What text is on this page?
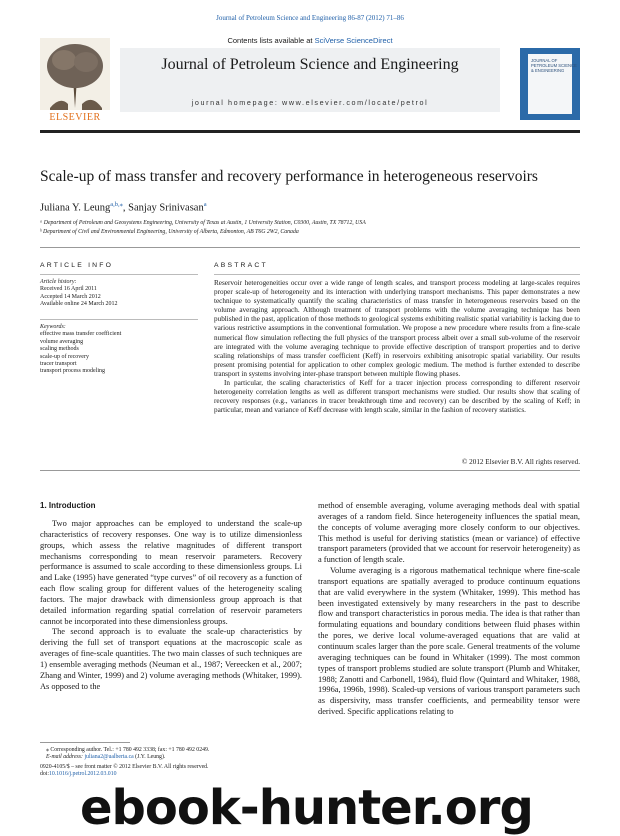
Journal of Petroleum Science and Engineering 86-87 (2012) 71–86
Contents lists available at SciVerse ScienceDirect
Journal of Petroleum Science and Engineering
journal homepage: www.elsevier.com/locate/petrol
ELSEVIER
JOURNAL OF PETROLEUM SCIENCE & ENGINEERING
Scale-up of mass transfer and recovery performance in heterogeneous reservoirs
Juliana Y. Leung$^{a,b,⁎}$, Sanjay Srinivasan$^a$
ᵃ Department of Petroleum and Geosystems Engineering, University of Texas at Austin, 1 University Station, C0300, Austin, TX 78712, USA
ᵇ Department of Civil and Environmental Engineering, University of Alberta, Edmonton, AB T6G 2W2, Canada
ARTICLE INFO
Article history:
Received 16 April 2011
Accepted 14 March 2012
Available online 24 March 2012
Keywords:
effective mass transfer coefficient
volume averaging
scaling methods
scale-up of recovery
tracer transport
transport process modeling
ABSTRACT

Reservoir heterogeneities occur over a wide range of length scales, and transport process modeling at large-scales requires proper scale-up of heterogeneity and its interaction with underlying transport mechanisms. This paper demonstrates a new technique to systematically quantify the scaling characteristics of mass transfer in heterogeneous reservoirs based on the volume averaging approach. Although treatment of transport problems with the volume averaging technique has been published in the past, application of those methods to geological systems exhibiting realistic spatial variability is lacking due to various restrictive assumptions in the conventional formulation. We propose a new procedure where results from a fine-scale numerical flow simulation reflecting the full physics of the transport process albeit over a small sub-volume of the reservoir are integrated with the volume averaging technique to provide effective description of transport properties and to derive scaling relationships of mass transfer coefficient (Keff) in reservoirs exhibiting anisotropic spatial variability. Our results present promising potential for application to other complex geologic medium. The method is further extended to describe transport in systems involving inter-phase transport between multiple flowing phases.

In particular, the scaling characteristics of Keff for a tracer injection process corresponding to different reservoir heterogeneity correlation lengths as well as different transport mechanisms were studied. Our results show that scaling of recovery responses (e.g., variances in tracer breakthrough time and recovery) can be described by the scaling of Keff; in particular, mean and variance of Keff decrease with length scale, similar in the fashion of recovery statistics.

© 2012 Elsevier B.V. All rights reserved.
1. Introduction

Two major approaches can be employed to understand the scale-up characteristics of recovery responses. One way is to utilize dimensionless groups, which assess the relative magnitudes of different transport mechanisms corresponding to mean reservoir parameters. Recovery performance is assumed to scale according to these dimensionless groups. Li and Lake (1995) have generated “type curves” of oil recovery as a function of each flow scaling group for different values of the heterogeneity scaling factors. The major drawback with dimensionless group approach is that detailed information regarding spatial correlation of reservoir parameters cannot be incorporated into these dimensionless groups.

The second approach is to evaluate the scale-up characteristics by deriving the full set of transport equations at the macroscopic scale as averages of fine-scale quantities. The two main classes of such techniques are 1) ensemble averaging methods (Neuman et al., 1987; Vereecken et al., 2007; Zhang and Winter, 1999) and 2) volume averaging methods (Whitaker, 1999). As opposed to the

method of ensemble averaging, volume averaging methods deal with spatial averages of a random field. Since heterogeneity influences the spatial mean, the concepts of volume averaging more closely conform to our objectives. This method is useful for deriving statistics (mean or variance) of effective transport parameters (provided that we account for reservoir heterogeneity) as a function of length scale.

Volume averaging is a rigorous mathematical technique where fine-scale transport equations are spatially averaged to produce continuum equations that are valid everywhere in the system (Whitaker, 1999). This method has been investigated extensively by many researchers in the past to describe flow and transport characteristics in porous media. The idea is that rather than formulating equations and boundary conditions between fluid phases within the pores, we derive local volume-averaged equations that are valid at continuum scales larger than the pore scale. General treatments of the volume averaging techniques can be found in Whitaker (1999). The most common types of transport problems studied are solute transport (Plumb and Whitaker, 1988; Zanotti and Carbonell, 1984), fluid flow (Quintard and Whitaker, 1988, 1996a, 1996b, 1998). Scaled-up versions of various transport parameters such as dispersivity, mass transfer coefficients, and permeability tensor were derived. Specific applications relating to

⁎ Corresponding author. Tel.: +1 780 492 3338; fax: +1 780 492 0249.
E-mail address: juliana2@ualberta.ca (J.Y. Leung).
0920-4105/$ – see front matter © 2012 Elsevier B.V. All rights reserved.
doi:10.1016/j.petrol.2012.03.010
ebook-hunter.org
